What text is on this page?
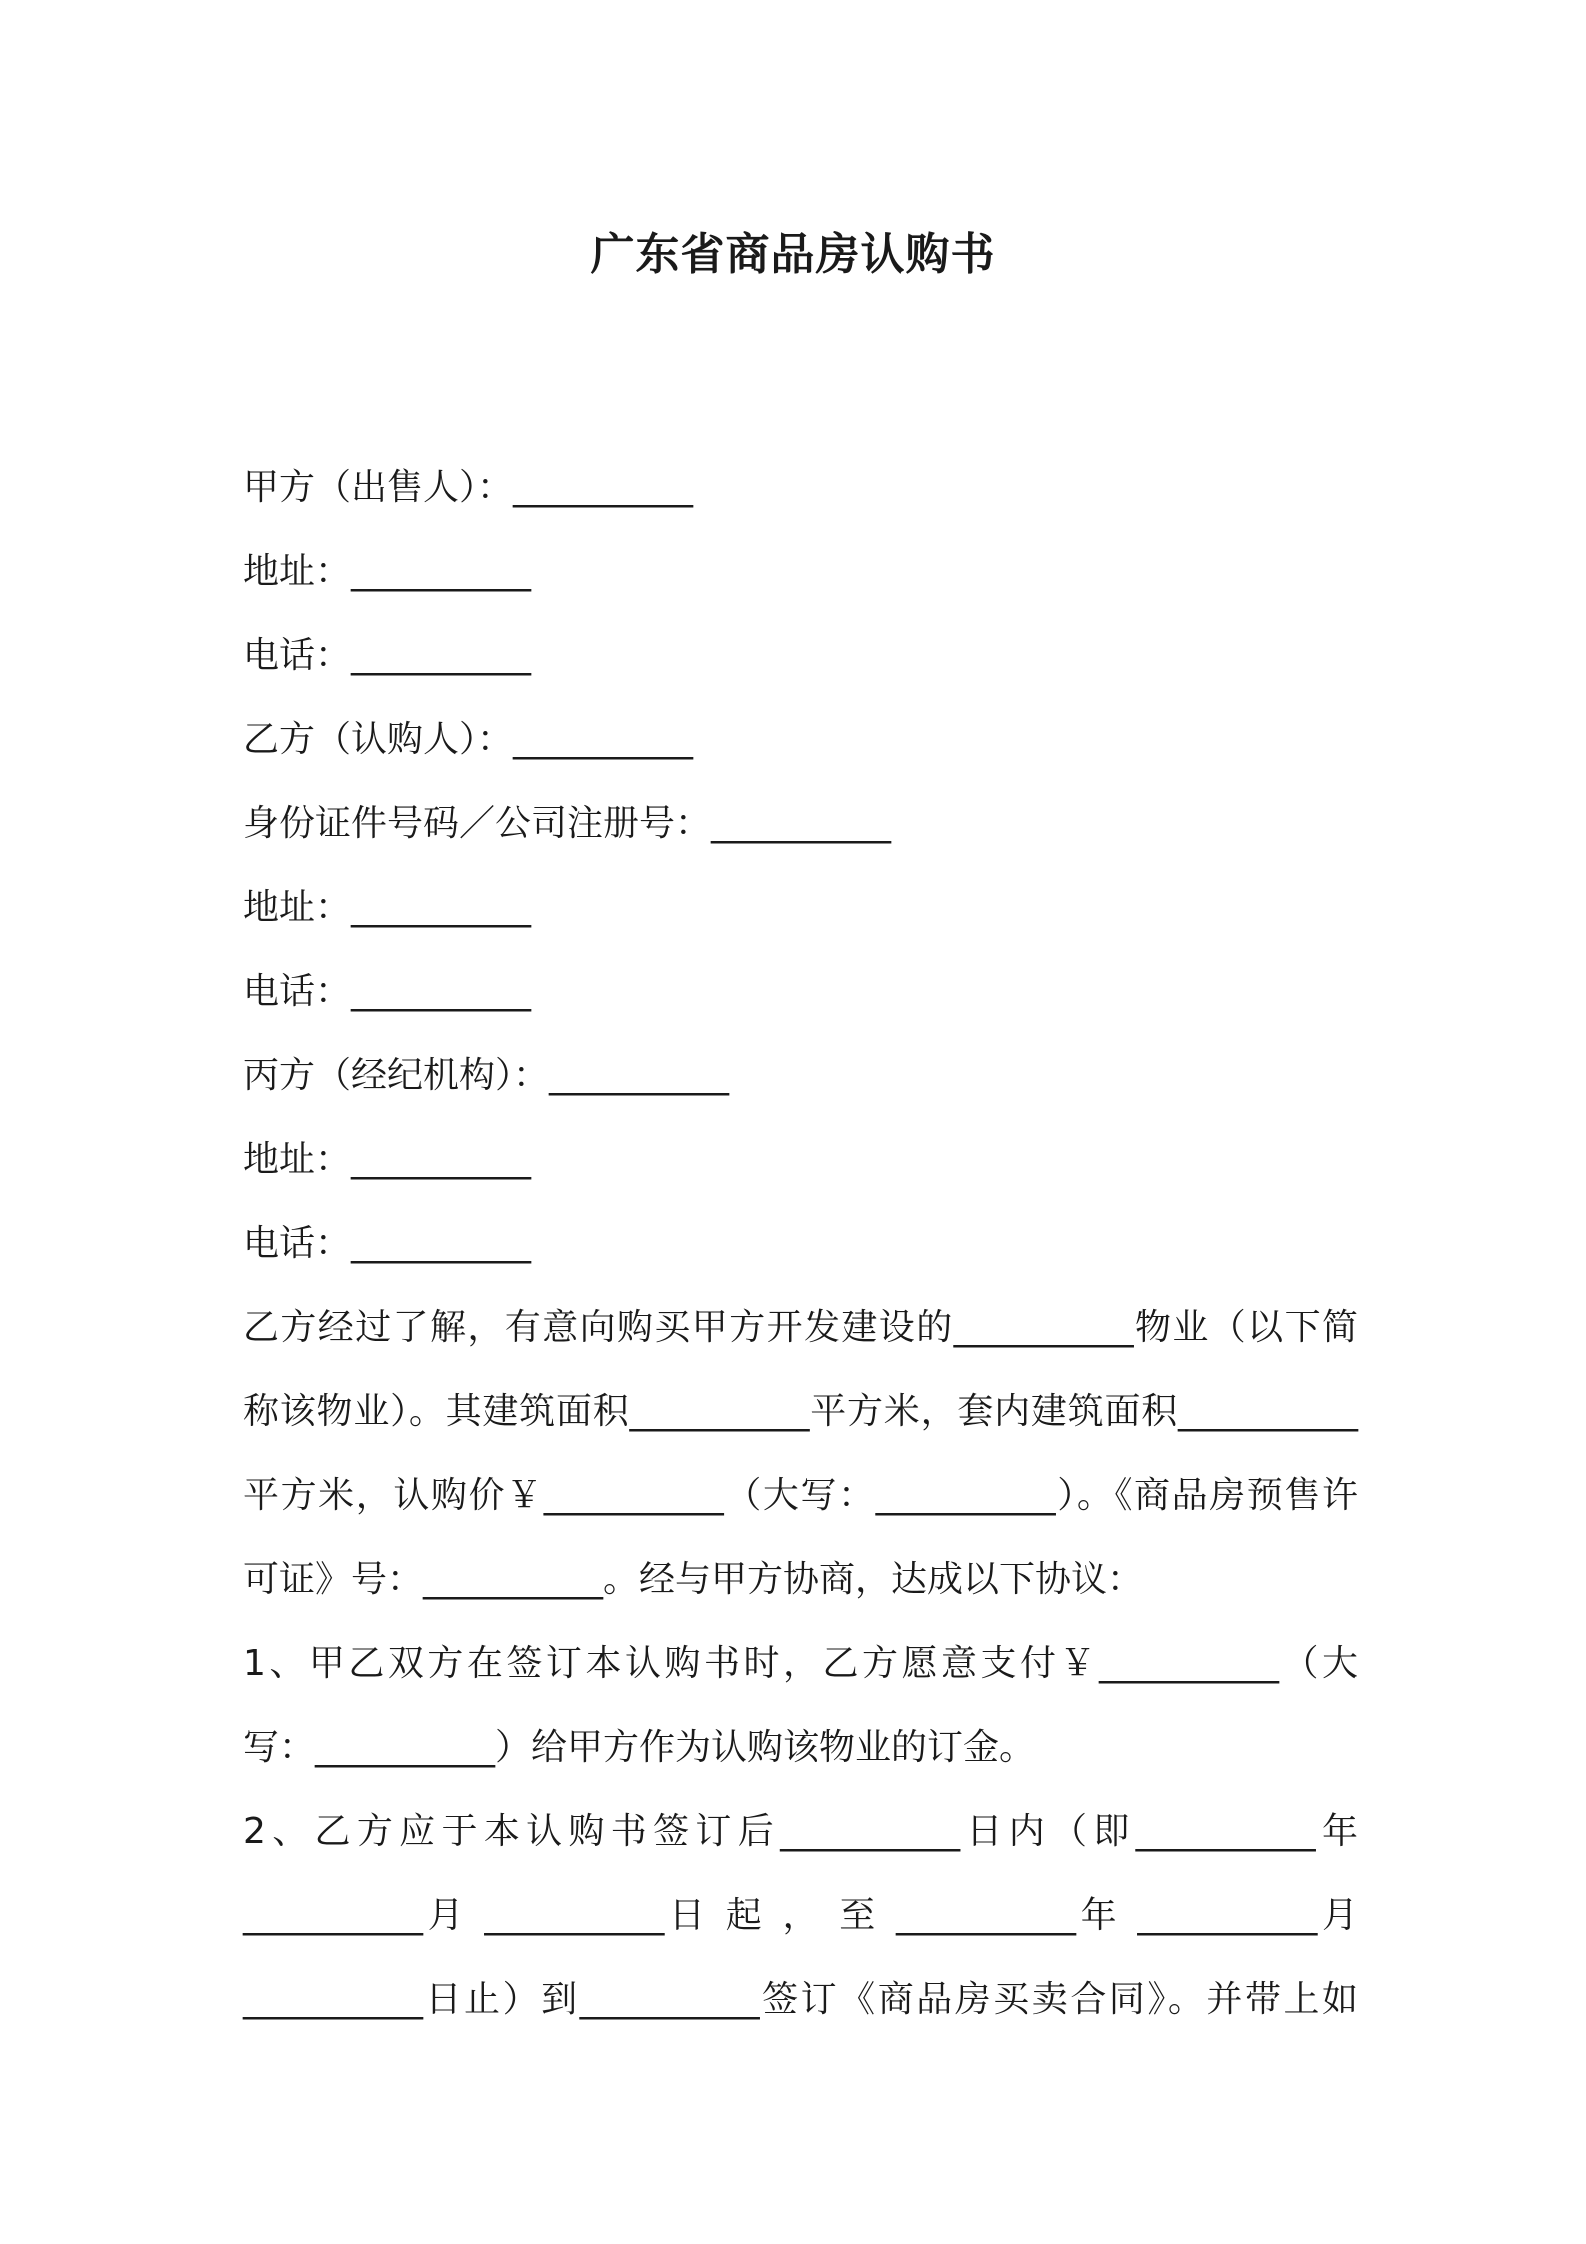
广东省商品房认购书
甲方（出售人）：__________
地址：__________
电话：__________
乙方（认购人）：__________
身份证件号码／公司注册号：__________
地址：__________
电话：__________
丙方（经纪机构）：__________
地址：__________
电话：__________
乙方经过了解，有意向购买甲方开发建设的__________物业（以下简
称该物业）。其建筑面积__________平方米，套内建筑面积__________
平方米，认购价￥__________（大写：__________）。《商品房预售许
可证》号：__________。经与甲方协商，达成以下协议：
1、甲乙双方在签订本认购书时，乙方愿意支付￥__________（大
写：__________）给甲方作为认购该物业的订金。
2、乙方应于本认购书签订后__________日内（即__________年
__________月 __________日 起 ， 至 __________年 __________月
__________日止）到__________签订《商品房买卖合同》。并带上如
